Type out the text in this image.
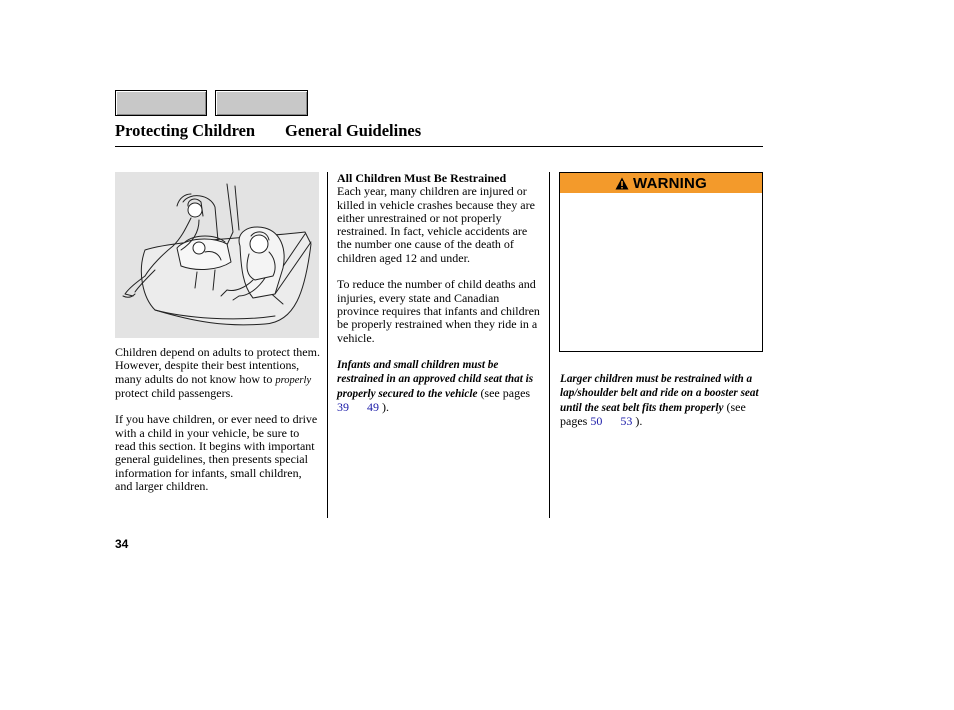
Protecting Children General Guidelines

Children depend on adults to protect them. However, despite their best intentions, many adults do not know how to properly protect child passengers.

If you have children, or ever need to drive with a child in your vehicle, be sure to read this section. It begins with important general guidelines, then presents special information for infants, small children, and larger children.

All Children Must Be Restrained

Each year, many children are injured or killed in vehicle crashes because they are either unrestrained or not properly restrained. In fact, vehicle accidents are the number one cause of the death of children aged 12 and under.

To reduce the number of child deaths and injuries, every state and Canadian province requires that infants and children be properly restrained when they ride in a vehicle.

Infants and small children must be restrained in an approved child seat that is properly secured to the vehicle (see pages 39 49 ).

WARNING

Larger children must be restrained with a lap/shoulder belt and ride on a booster seat until the seat belt fits them properly (see pages 50 53 ).

34
